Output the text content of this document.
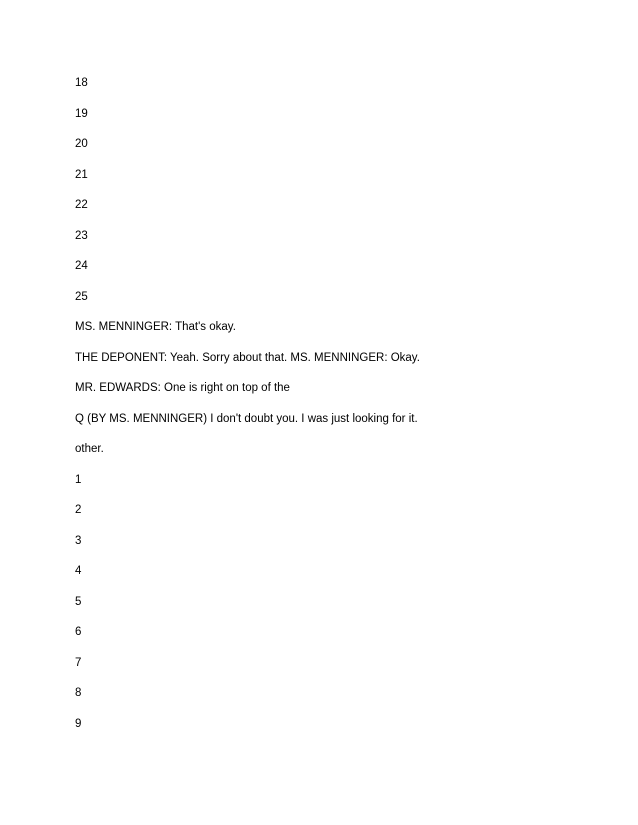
18
19
20
21
22
23
24
25
MS. MENNINGER: That's okay.
THE DEPONENT: Yeah. Sorry about that. MS. MENNINGER: Okay.
MR. EDWARDS: One is right on top of the
Q (BY MS. MENNINGER) I don't doubt you. I was just looking for it.
other.
1
2
3
4
5
6
7
8
9
